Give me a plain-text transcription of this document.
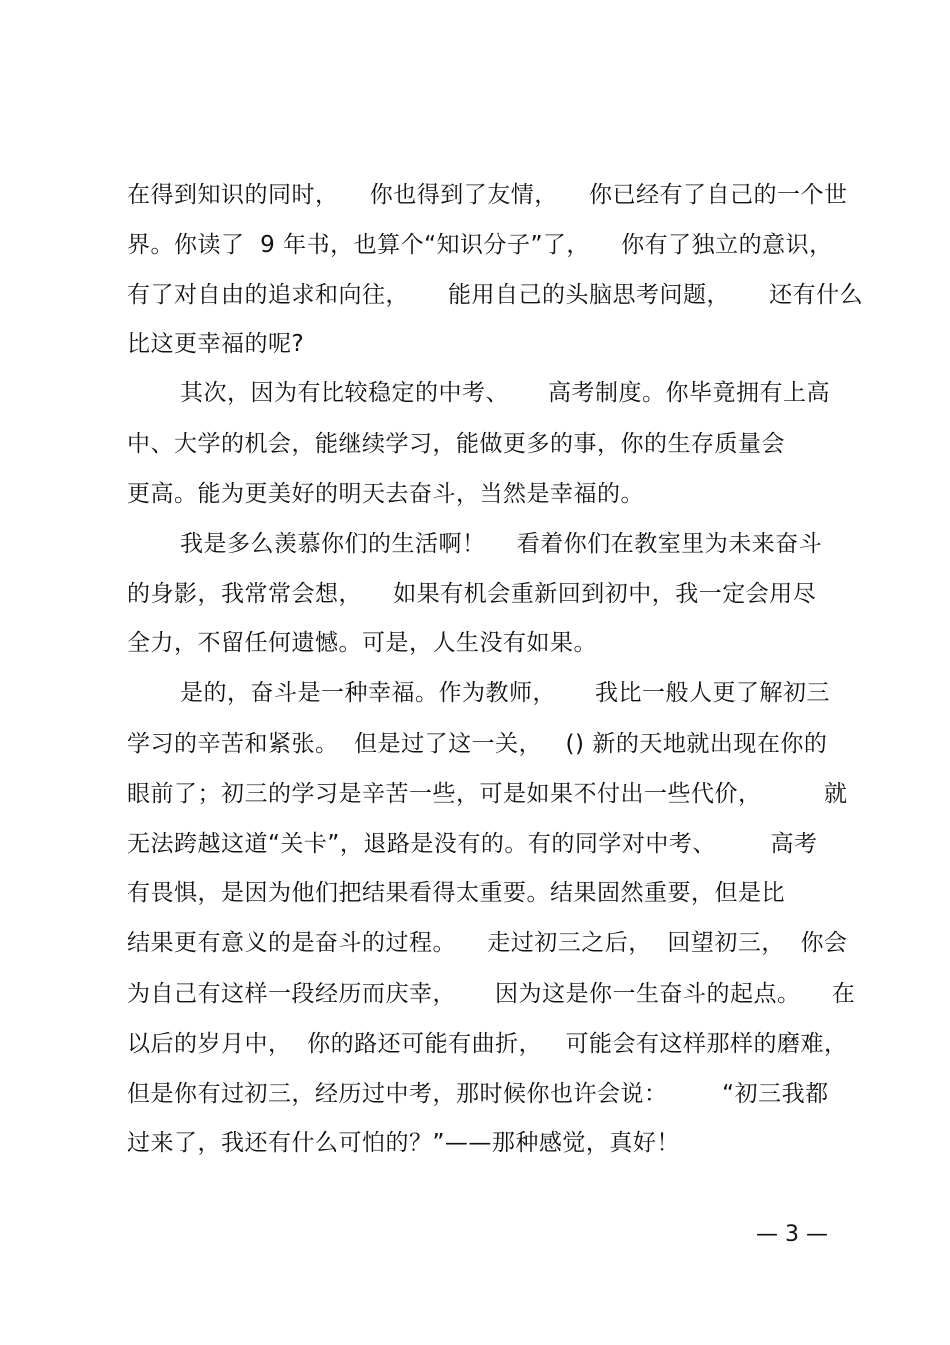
在得到知识的同时，    你也得到了友情，    你已经有了自己的一个世
界。你读了  9 年书，也算个“知识分子”了，    你有了独立的意识，
有了对自由的追求和向往，     能用自己的头脑思考问题，     还有什么
比这更幸福的呢?
其次，因为有比较稳定的中考、     高考制度。你毕竟拥有上高
中、大学的机会，能继续学习，能做更多的事，你的生存质量会
更高。能为更美好的明天去奋斗，当然是幸福的。
我是多么羡慕你们的生活啊！    看着你们在教室里为未来奋斗
的身影，我常常会想，    如果有机会重新回到初中，我一定会用尽
全力，不留任何遗憾。可是，人生没有如果。
是的，奋斗是一种幸福。作为教师，     我比一般人更了解初三
学习的辛苦和紧张。  但是过了这一关，   () 新的天地就出现在你的
眼前了；初三的学习是辛苦一些，可是如果不付出一些代价，        就
无法跨越这道“关卡”，退路是没有的。有的同学对中考、       高考
有畏惧，是因为他们把结果看得太重要。结果固然重要，但是比
结果更有意义的是奋斗的过程。    走过初三之后，  回望初三，  你会
为自己有这样一段经历而庆幸，     因为这是你一生奋斗的起点。    在
以后的岁月中，  你的路还可能有曲折，   可能会有这样那样的磨难，
但是你有过初三，经历过中考，那时候你也许会说：       “初三我都
过来了，我还有什么可怕的？”——那种感觉，真好！
— 3 —
